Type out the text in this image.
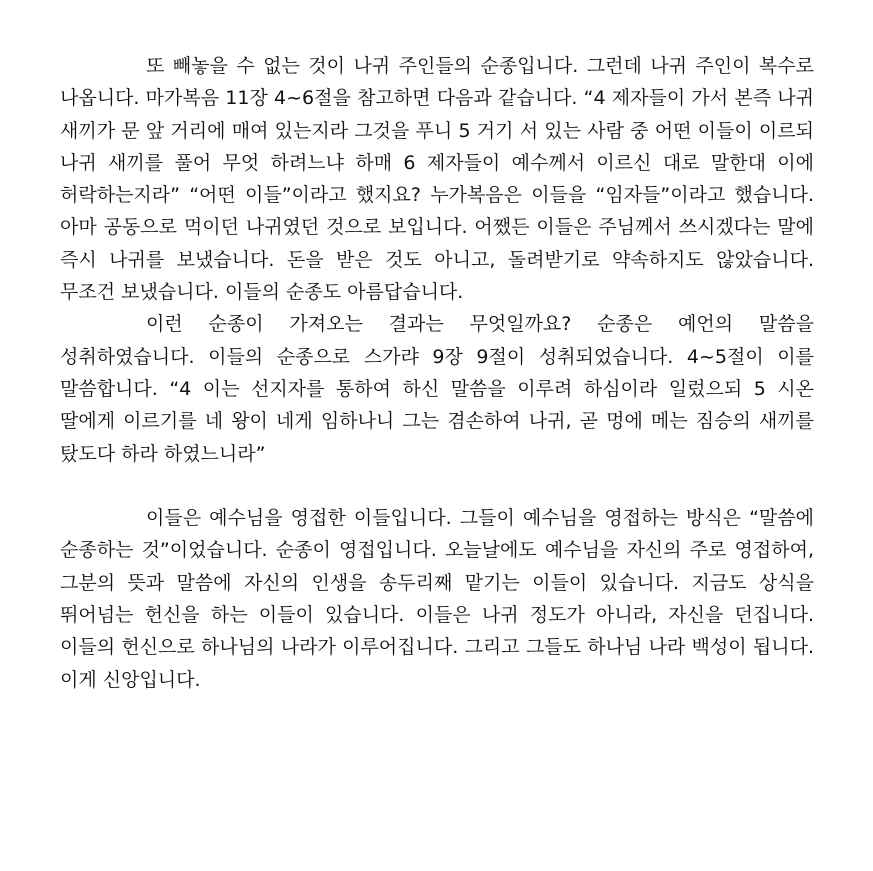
또 빼놓을 수 없는 것이 나귀 주인들의 순종입니다. 그런데 나귀 주인이 복수로 나옵니다. 마가복음 11장 4~6절을 참고하면 다음과 같습니다. “4 제자들이 가서 본즉 나귀 새끼가 문 앞 거리에 매여 있는지라 그것을 푸니 5 거기 서 있는 사람 중 어떤 이들이 이르되 나귀 새끼를 풀어 무엇 하려느냐 하매 6 제자들이 예수께서 이르신 대로 말한대 이에 허락하는지라” “어떤 이들”이라고 했지요? 누가복음은 이들을 “임자들”이라고 했습니다. 아마 공동으로 먹이던 나귀였던 것으로 보입니다. 어쨌든 이들은 주님께서 쓰시겠다는 말에 즉시 나귀를 보냈습니다. 돈을 받은 것도 아니고, 돌려받기로 약속하지도 않았습니다. 무조건 보냈습니다. 이들의 순종도 아름답습니다.

이런 순종이 가져오는 결과는 무엇일까요? 순종은 예언의 말씀을 성취하였습니다. 이들의 순종으로 스가랴 9장 9절이 성취되었습니다. 4~5절이 이를 말씀합니다. “4 이는 선지자를 통하여 하신 말씀을 이루려 하심이라 일렀으되 5 시온 딸에게 이르기를 네 왕이 네게 임하나니 그는 겸손하여 나귀, 곧 멍에 메는 짐승의 새끼를 탔도다 하라 하였느니라”

이들은 예수님을 영접한 이들입니다. 그들이 예수님을 영접하는 방식은 “말씀에 순종하는 것”이었습니다. 순종이 영접입니다. 오늘날에도 예수님을 자신의 주로 영접하여, 그분의 뜻과 말씀에 자신의 인생을 송두리째 맡기는 이들이 있습니다. 지금도 상식을 뛰어넘는 헌신을 하는 이들이 있습니다. 이들은 나귀 정도가 아니라, 자신을 던집니다. 이들의 헌신으로 하나님의 나라가 이루어집니다. 그리고 그들도 하나님 나라 백성이 됩니다. 이게 신앙입니다.
